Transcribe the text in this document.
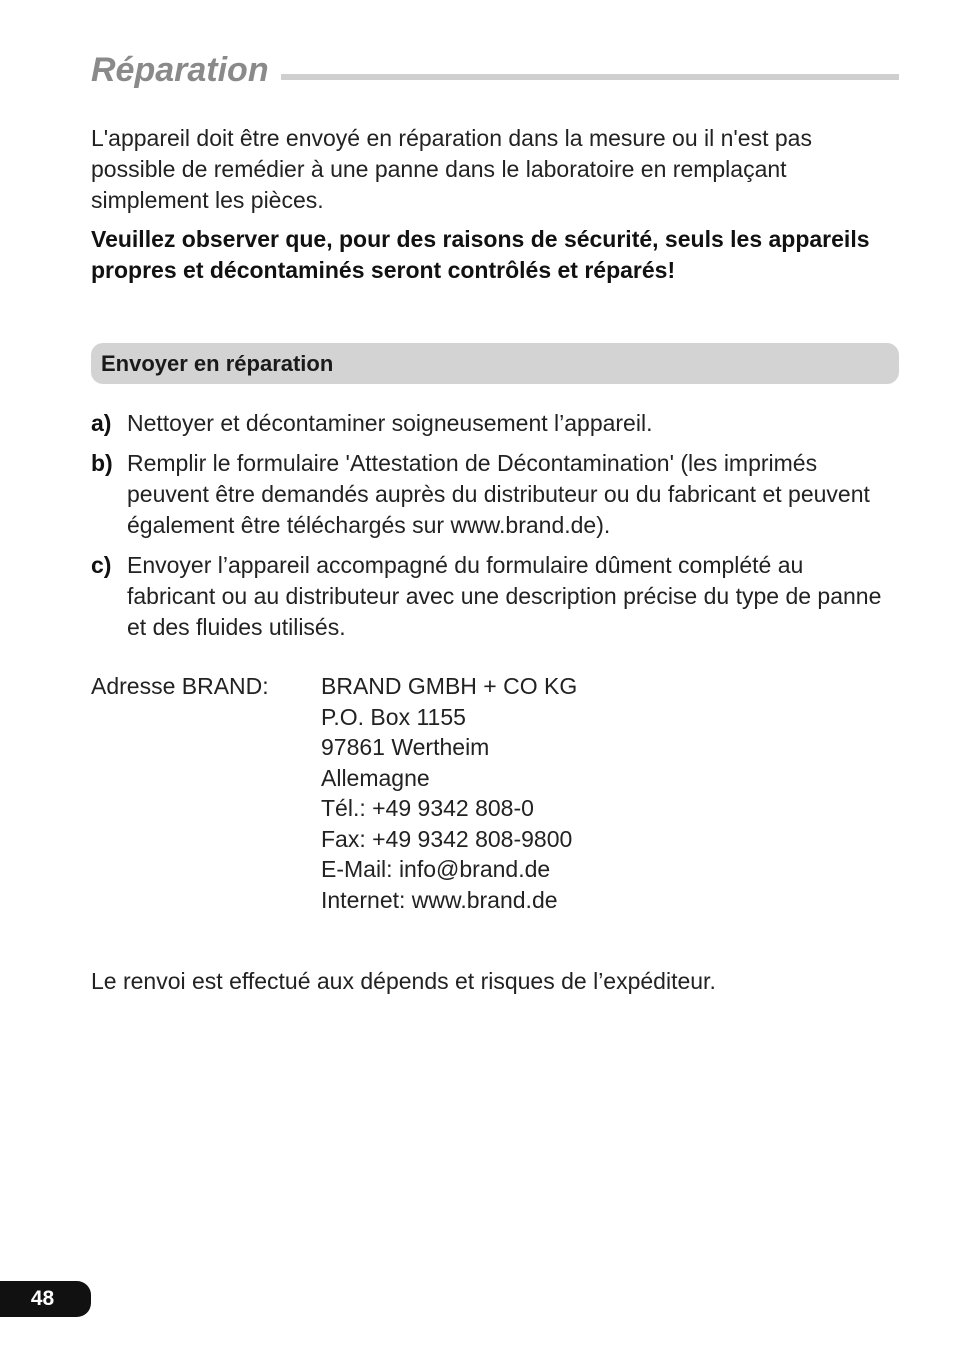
Réparation

L'appareil doit être envoyé en réparation dans la mesure ou il n'est pas possible de remédier à une panne dans le laboratoire en remplaçant simplement les pièces.

Veuillez observer que, pour des raisons de sécurité, seuls les appareils propres et décontaminés seront contrôlés et réparés!

Envoyer en réparation
a) Nettoyer et décontaminer soigneusement l’appareil.
b) Remplir le formulaire 'Attestation de Décontamination' (les imprimés peuvent être demandés auprès du distributeur ou du fabricant et peuvent également être téléchargés sur www.brand.de).
c) Envoyer l’appareil accompagné du formulaire dûment complété au fabricant ou au distributeur avec une description précise du type de panne et des fluides utilisés.
Adresse BRAND: BRAND GMBH + CO KG
P.O. Box 1155
97861 Wertheim
Allemagne
Tél.: +49 9342 808-0
Fax: +49 9342 808-9800
E-Mail: info@brand.de
Internet: www.brand.de

Le renvoi est effectué aux dépends et risques de l’expéditeur.

48
